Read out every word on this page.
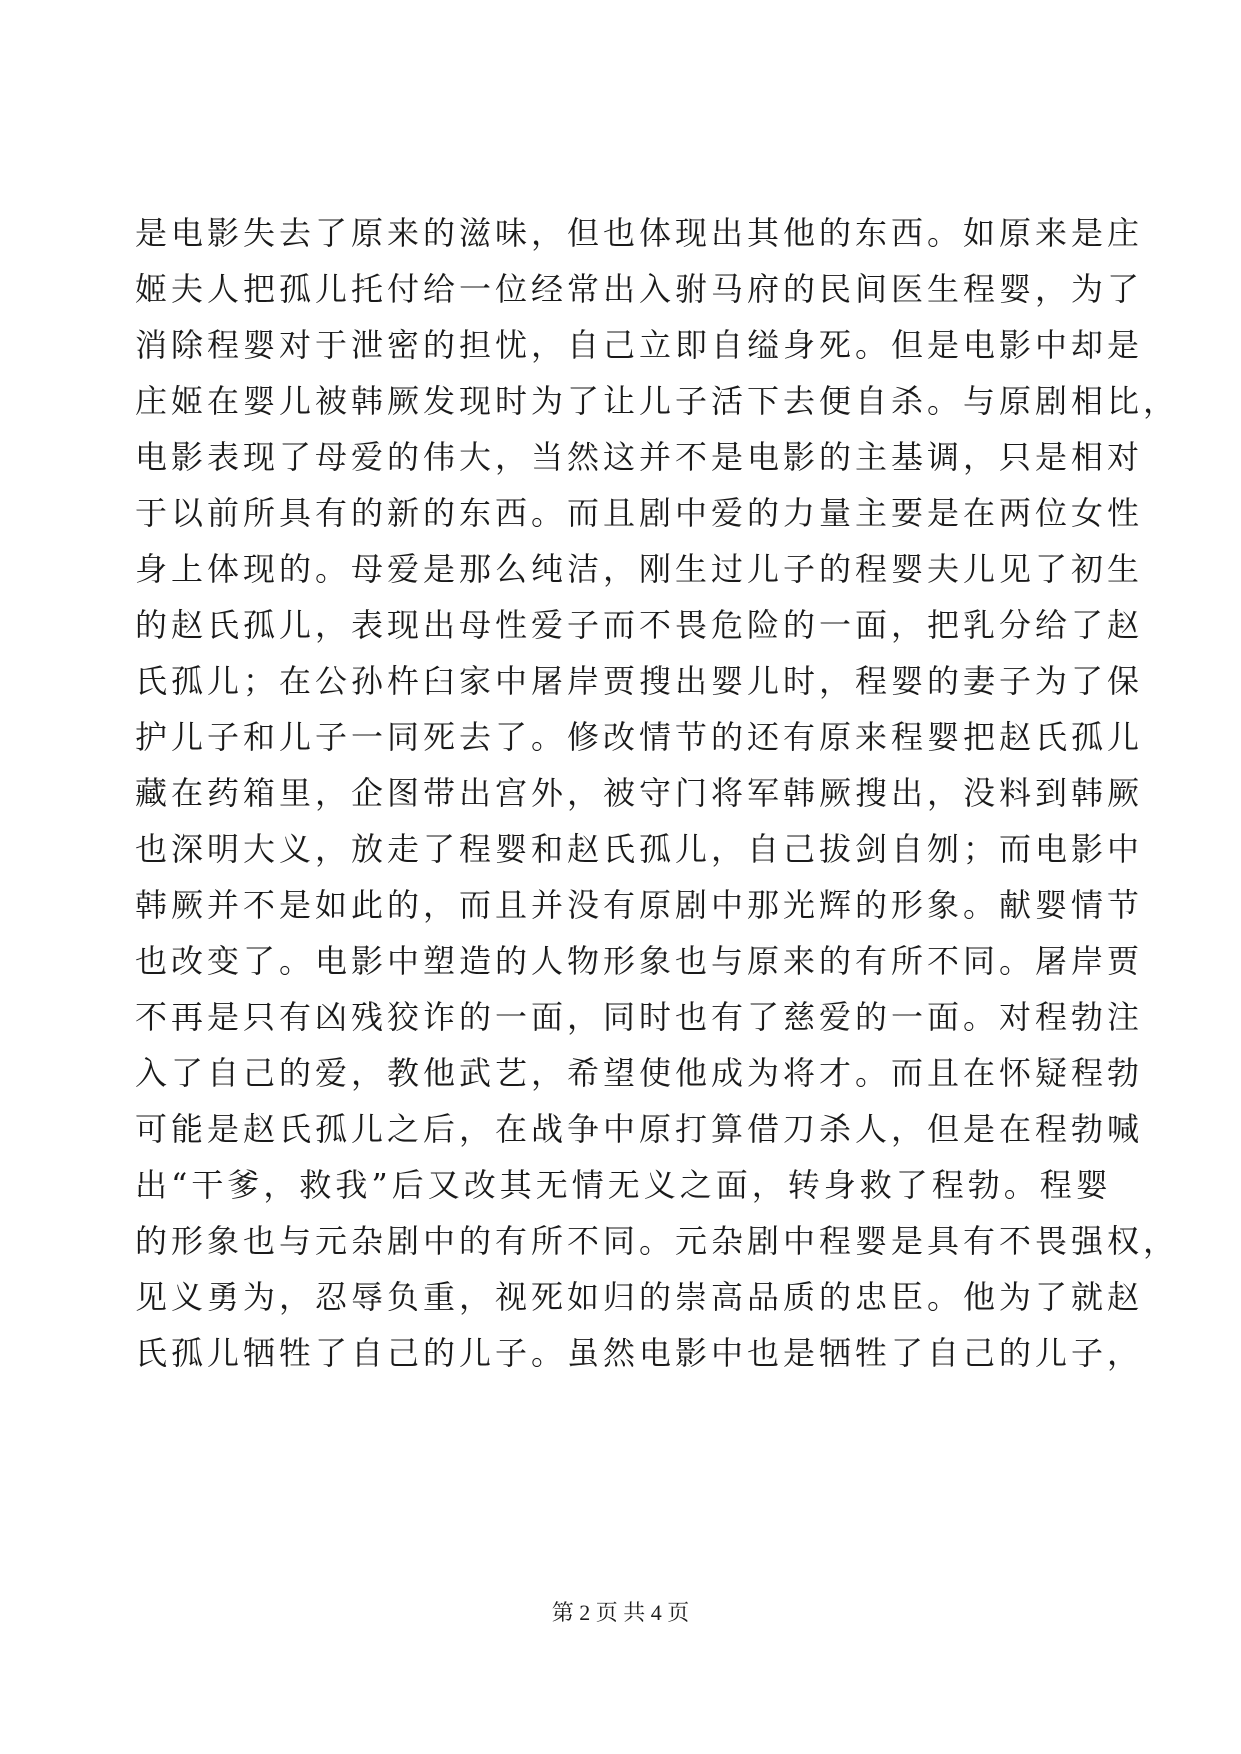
是电影失去了原来的滋味，但也体现出其他的东西。如原来是庄
姬夫人把孤儿托付给一位经常出入驸马府的民间医生程婴，为了
消除程婴对于泄密的担忧，自己立即自缢身死。但是电影中却是
庄姬在婴儿被韩厥发现时为了让儿子活下去便自杀。与原剧相比，
电影表现了母爱的伟大，当然这并不是电影的主基调，只是相对
于以前所具有的新的东西。而且剧中爱的力量主要是在两位女性
身上体现的。母爱是那么纯洁，刚生过儿子的程婴夫儿见了初生
的赵氏孤儿，表现出母性爱子而不畏危险的一面，把乳分给了赵
氏孤儿；在公孙杵臼家中屠岸贾搜出婴儿时，程婴的妻子为了保
护儿子和儿子一同死去了。修改情节的还有原来程婴把赵氏孤儿
藏在药箱里，企图带出宫外，被守门将军韩厥搜出，没料到韩厥
也深明大义，放走了程婴和赵氏孤儿，自己拔剑自刎；而电影中
韩厥并不是如此的，而且并没有原剧中那光辉的形象。献婴情节
也改变了。电影中塑造的人物形象也与原来的有所不同。屠岸贾
不再是只有凶残狡诈的一面，同时也有了慈爱的一面。对程勃注
入了自己的爱，教他武艺，希望使他成为将才。而且在怀疑程勃
可能是赵氏孤儿之后，在战争中原打算借刀杀人，但是在程勃喊
出“干爹，救我”后又改其无情无义之面，转身救了程勃。程婴
的形象也与元杂剧中的有所不同。元杂剧中程婴是具有不畏强权，
见义勇为，忍辱负重，视死如归的崇高品质的忠臣。他为了就赵
氏孤儿牺牲了自己的儿子。虽然电影中也是牺牲了自己的儿子，
第 2 页 共 4 页
